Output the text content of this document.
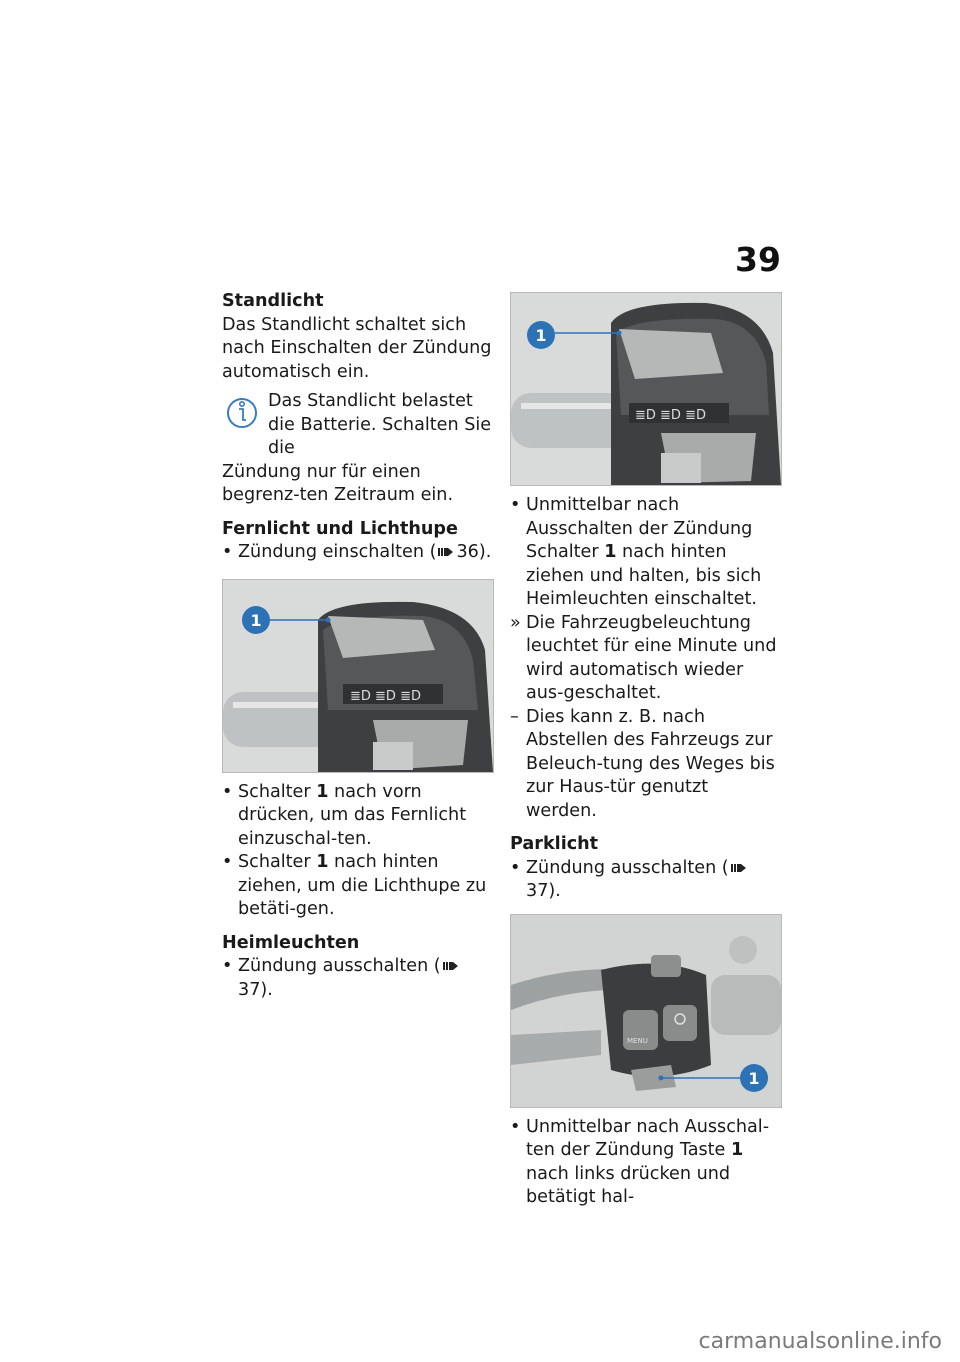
39
Standlicht

Das Standlicht schaltet sich nach Einschalten der Zündung automatisch ein.

Das Standlicht belastet die Batterie. Schalten Sie die

Zündung nur für einen begrenz-ten Zeitraum ein.

Fernlicht und Lichthupe

• Zündung einschalten ( 36).

≣D ≣D ≣D
1

• Schalter 1 nach vorn drücken, um das Fernlicht einzuschal-ten.

• Schalter 1 nach hinten ziehen, um die Lichthupe zu betäti-gen.

Heimleuchten

• Zündung ausschalten (37).

≣D ≣D ≣D
1

• Unmittelbar nach Ausschalten der Zündung Schalter 1 nach hinten ziehen und halten, bis sich Heimleuchten einschaltet.

» Die Fahrzeugbeleuchtung leuchtet für eine Minute und wird automatisch wieder aus-geschaltet.

– Dies kann z. B. nach Abstellen des Fahrzeugs zur Beleuch-tung des Weges bis zur Haus-tür genutzt werden.

Parklicht

• Zündung ausschalten (37).

MENU
1

• Unmittelbar nach Ausschal-ten der Zündung Taste 1 nach links drücken und betätigt hal-

carmanualsonline.info
